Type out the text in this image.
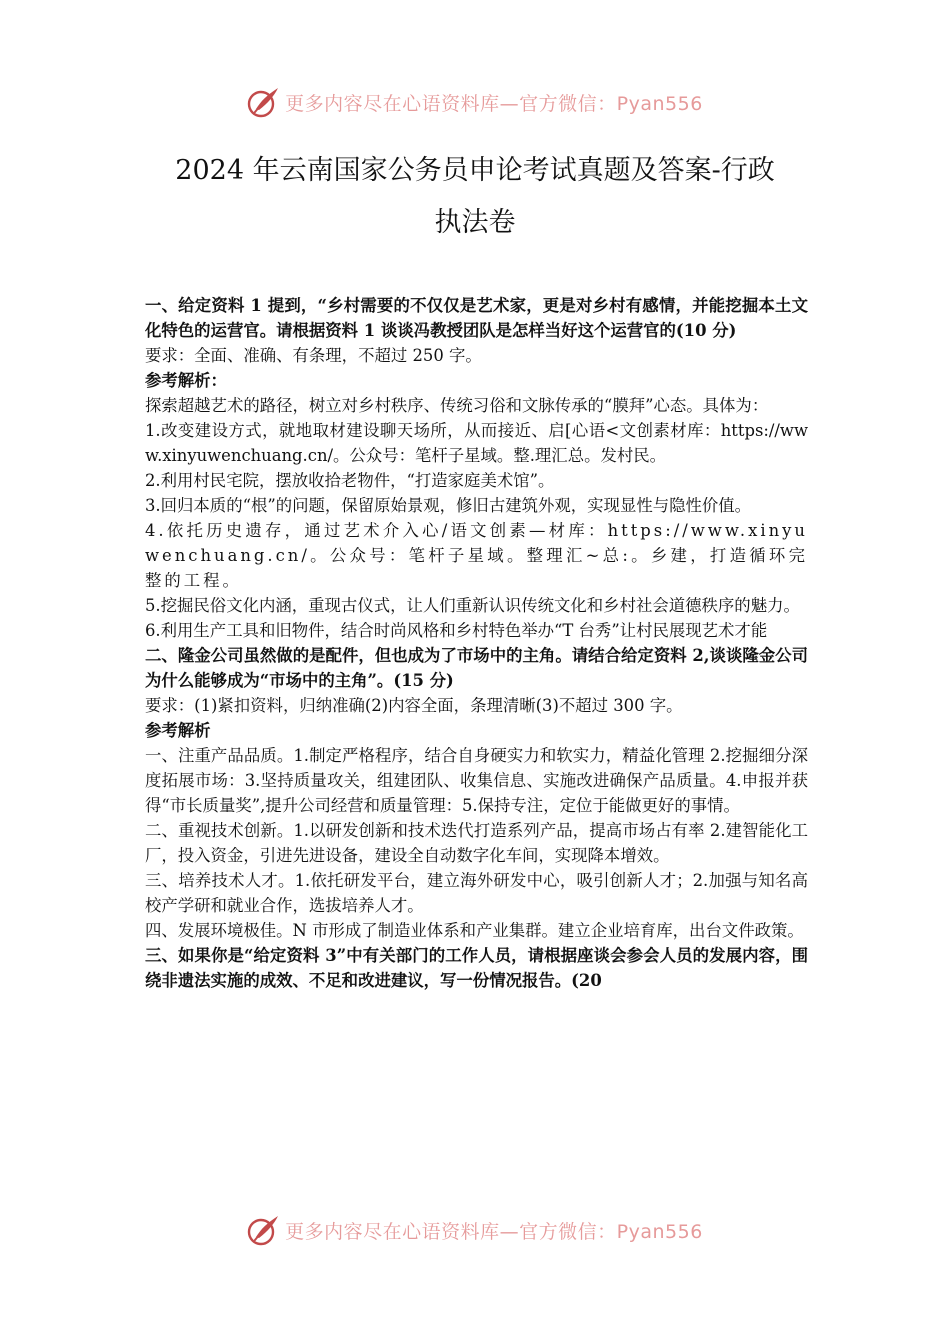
更多内容尽在心语资料库—官方微信：Pyan556
2024 年云南国家公务员申论考试真题及答案-行政
执法卷

一、给定资料 1 提到，“乡村需要的不仅仅是艺术家，更是对乡村有感情，并能挖掘本土文化特色的运营官。请根据资料 1 谈谈冯教授团队是怎样当好这个运营官的(10 分)

要求：全面、准确、有条理，不超过 250 字。

参考解析：

探索超越艺术的路径，树立对乡村秩序、传统习俗和文脉传承的“膜拜”心态。具体为：

1.改变建设方式，就地取材建设聊天场所，从而接近、启[心语<文创素材库：https://www.xinyuwenchuang.cn/。公众号：笔杆子星域。整.理汇总。发村民。

2.利用村民宅院，摆放收拾老物件，“打造家庭美术馆”。

3.回归本质的“根”的问题，保留原始景观，修旧古建筑外观，实现显性与隐性价值。

4.依托历史遗存，通过艺术介入心/语文创素—材库：https://www.xinyuwenchuang.cn/。公众号：笔杆子星域。整理汇~总:。乡建，打造循环完整的工程。

5.挖掘民俗文化内涵，重现古仪式，让人们重新认识传统文化和乡村社会道德秩序的魅力。

6.利用生产工具和旧物件，结合时尚风格和乡村特色举办“T 台秀”让村民展现艺术才能

二、隆金公司虽然做的是配件，但也成为了市场中的主角。请结合给定资料 2,谈谈隆金公司为什么能够成为“市场中的主角”。(15 分)

要求：(1)紧扣资料，归纳准确(2)内容全面，条理清晰(3)不超过 300 字。

参考解析

一、注重产品品质。1.制定严格程序，结合自身硬实力和软实力，精益化管理 2.挖掘细分深度拓展市场：3.坚持质量攻关，组建团队、收集信息、实施改进确保产品质量。4.申报并获得“市长质量奖”,提升公司经营和质量管理：5.保持专注，定位于能做更好的事情。

二、重视技术创新。1.以研发创新和技术迭代打造系列产品，提高市场占有率 2.建智能化工厂，投入资金，引进先进设备，建设全自动数字化车间，实现降本增效。

三、培养技术人才。1.依托研发平台，建立海外研发中心，吸引创新人才；2.加强与知名高校产学研和就业合作，选拔培养人才。

四、发展环境极佳。N 市形成了制造业体系和产业集群。建立企业培育库，出台文件政策。

三、如果你是“给定资料 3”中有关部门的工作人员，请根据座谈会参会人员的发展内容，围绕非遗法实施的成效、不足和改进建议，写一份情况报告。(20

更多内容尽在心语资料库—官方微信：Pyan556
